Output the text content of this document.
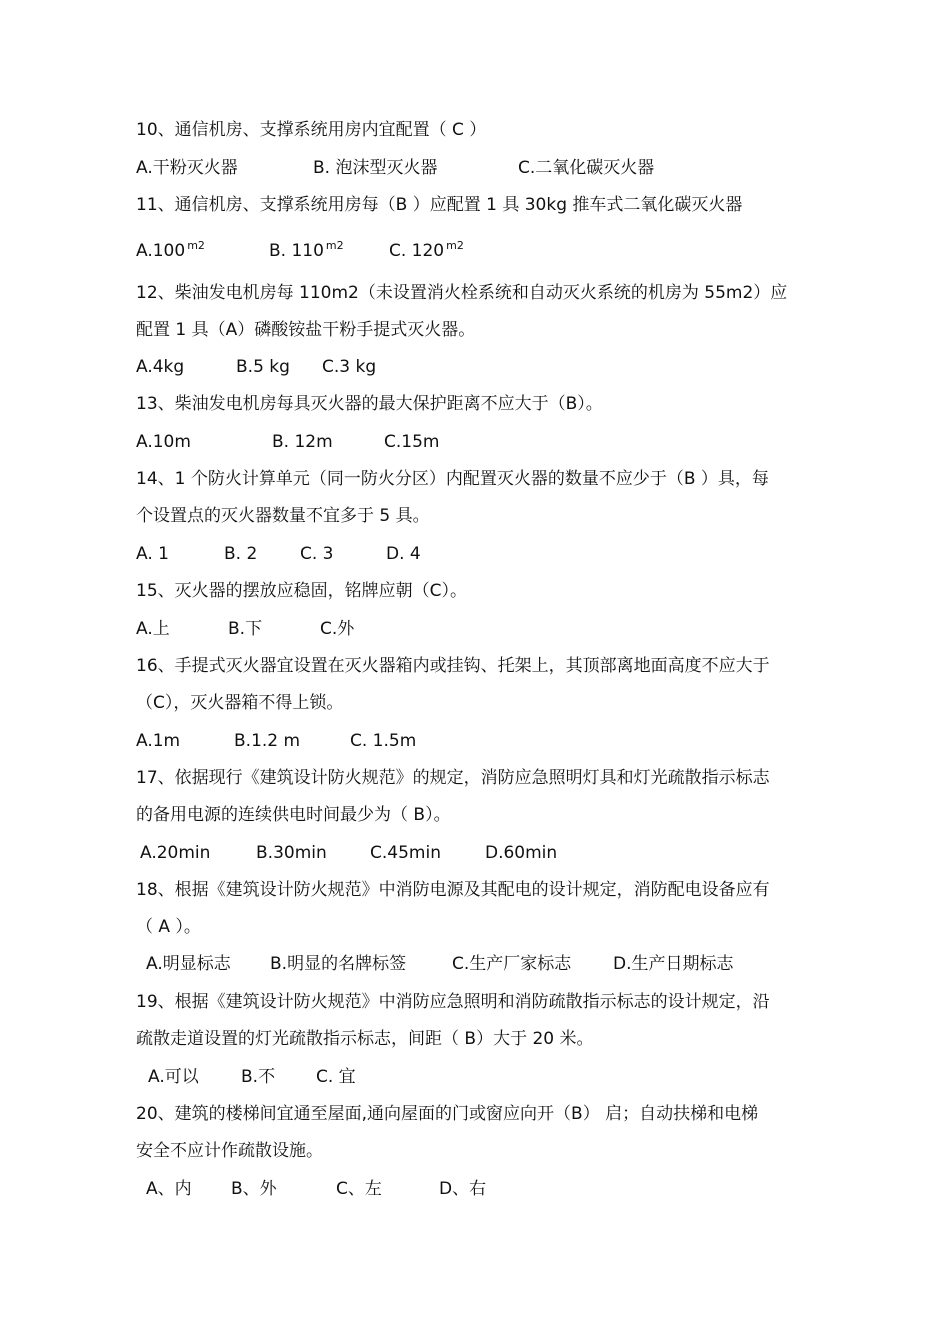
10、通信机房、支撑系统用房内宜配置（ C ）
A.干粉灭火器	B. 泡沫型灭火器	C.二氧化碳灭火器
11、通信机房、支撑系统用房每（B ）应配置 1 具 30kg 推车式二氧化碳灭火器
A.100 $^{m2}$	B. 110 $^{m2}$	C. 120 $^{m2}$
12、柴油发电机房每 110m2（未设置消火栓系统和自动灭火系统的机房为 55m2）应
配置 1 具（A）磷酸铵盐干粉手提式灭火器。
A.4kg	B.5 kg C.3 kg
13、柴油发电机房每具灭火器的最大保护距离不应大于（B）。
A.10m	B. 12m	C.15m
14、1 个防火计算单元（同一防火分区）内配置灭火器的数量不应少于（B ）具，每
个设置点的灭火器数量不宜多于 5 具。
A. 1	B. 2	C. 3	D. 4
15、灭火器的摆放应稳固，铭牌应朝（C）。
A.上	B.下	C.外
16、手提式灭火器宜设置在灭火器箱内或挂钩、托架上，其顶部离地面高度不应大于
（C），灭火器箱不得上锁。
A.1m	B.1.2 m	C. 1.5m
17、依据现行《建筑设计防火规范》的规定，消防应急照明灯具和灯光疏散指示标志
的备用电源的连续供电时间最少为（ B）。
A.20min	B.30min	C.45min	D.60min
18、根据《建筑设计防火规范》中消防电源及其配电的设计规定，消防配电设备应有
（ A ）。
A.明显标志 B.明显的名牌标签	C.生产厂家标志 D.生产日期标志
19、根据《建筑设计防火规范》中消防应急照明和消防疏散指示标志的设计规定，沿
疏散走道设置的灯光疏散指示标志，间距（ B）大于 20 米。
A.可以 B.不 C. 宜
20、建筑的楼梯间宜通至屋面,通向屋面的门或窗应向开（B） 启；自动扶梯和电梯
安全不应计作疏散设施。
A、内 B、外	C、左	D、右
